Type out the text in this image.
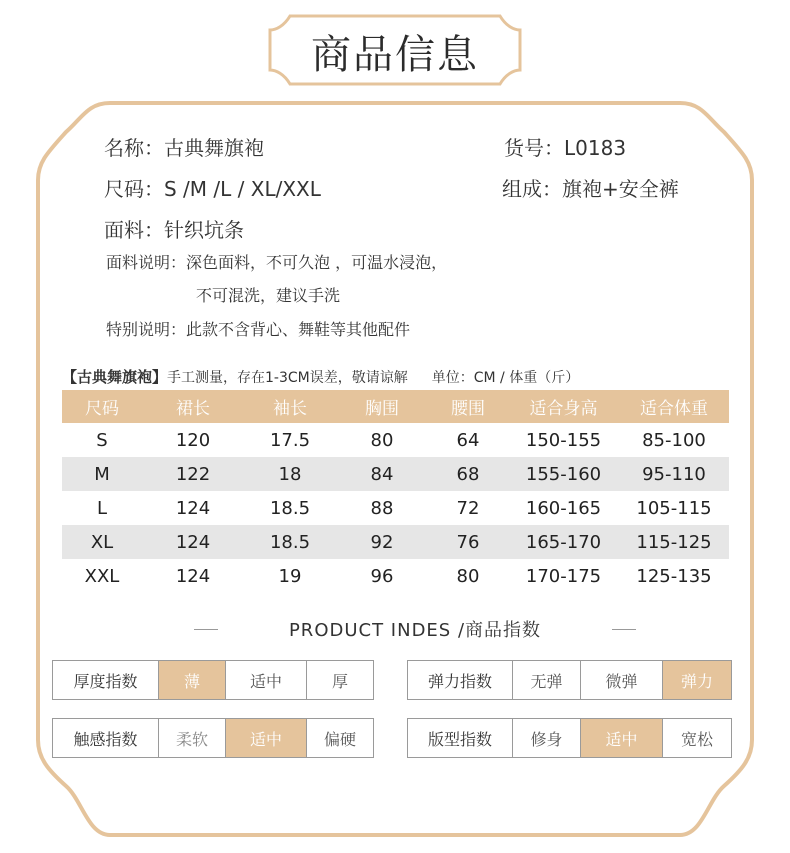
商品信息
名称：古典舞旗袍	货号：L0183
尺码：S /M /L / XL/XXL	组成：旗袍+安全裤
面料：针织坑条
面料说明：深色面料，不可久泡 ，可温水浸泡，
不可混洗，建议手洗
特别说明：此款不含背心、舞鞋等其他配件
【古典舞旗袍】手工测量，存在1-3CM误差，敬请谅解 单位：CM / 体重（斤）
尺码	裙长	袖长	胸围	腰围	适合身高	适合体重
S	120	17.5	80	64	150-155	85-100
M	122	18	84	68	155-160	95-110
L	124	18.5	88	72	160-165	105-115
XL	124	18.5	92	76	165-170	115-125
XXL	124	19	96	80	170-175	125-135
PRODUCT INDES /商品指数
厚度指数	薄	适中	厚	弹力指数	无弹	微弹	弹力
触感指数	柔软	适中	偏硬	版型指数	修身	适中	宽松
